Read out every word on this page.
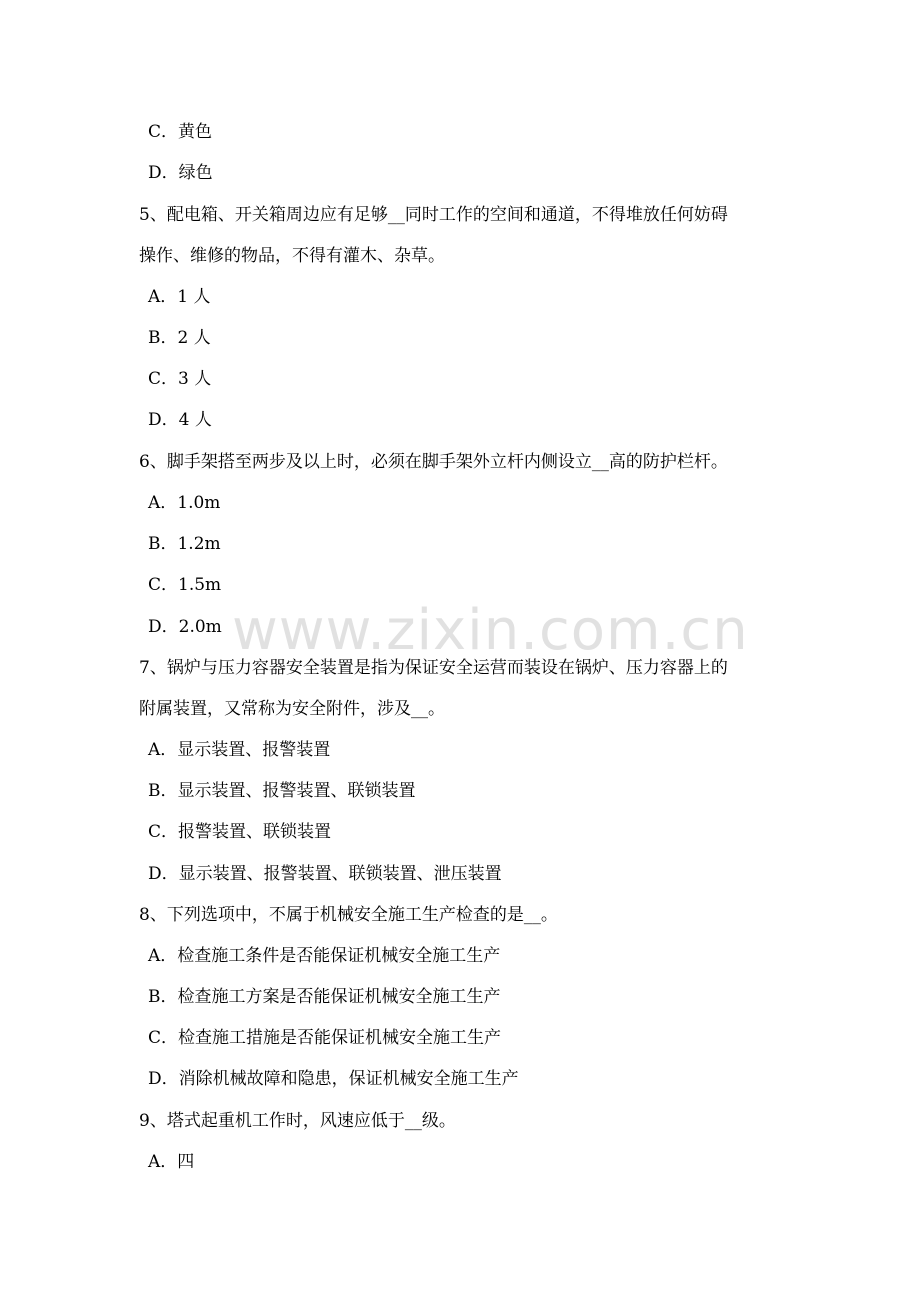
www.zixin.com.cn
C．黄色
D．绿色
5、配电箱、开关箱周边应有足够__同时工作的空间和通道，不得堆放任何妨碍
操作、维修的物品，不得有灌木、杂草。
A．1 人
B．2 人
C．3 人
D．4 人
6、脚手架搭至两步及以上时，必须在脚手架外立杆内侧设立__高的防护栏杆。
A．1.0m
B．1.2m
C．1.5m
D．2.0m
7、锅炉与压力容器安全装置是指为保证安全运营而装设在锅炉、压力容器上的
附属装置，又常称为安全附件，涉及__。
A．显示装置、报警装置
B．显示装置、报警装置、联锁装置
C．报警装置、联锁装置
D．显示装置、报警装置、联锁装置、泄压装置
8、下列选项中，不属于机械安全施工生产检查的是__。
A．检查施工条件是否能保证机械安全施工生产
B．检查施工方案是否能保证机械安全施工生产
C．检查施工措施是否能保证机械安全施工生产
D．消除机械故障和隐患，保证机械安全施工生产
9、塔式起重机工作时，风速应低于__级。
A．四
